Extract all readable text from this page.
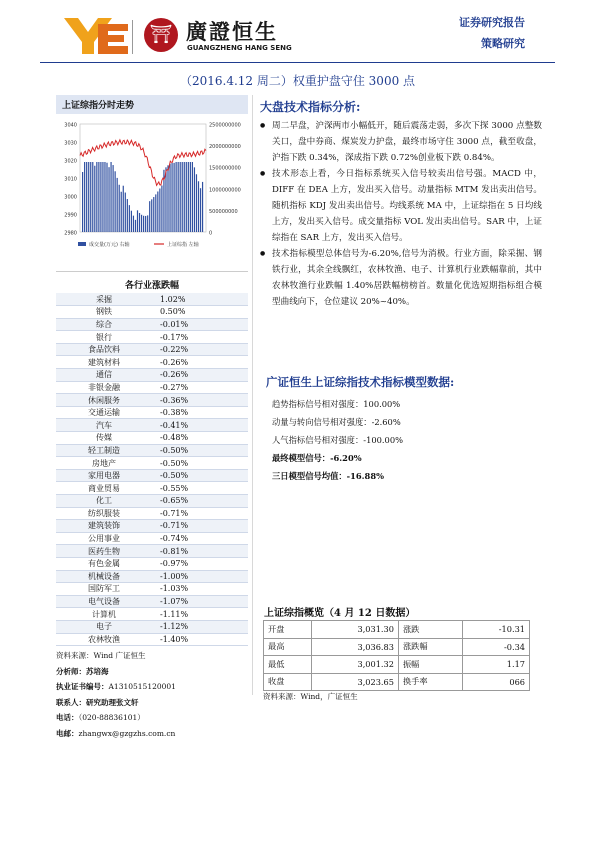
⛩ 廣證恒生
GUANGZHENG HANG SENG
证券研究报告
策略研究
（2016.4.12 周二）权重护盘守住 3000 点
上证综指分时走势
3040
3030
3020
3010
3000
2990
2980
2500000000
2000000000
1500000000
1000000000
500000000
0
成交量(万元) 右轴	上证综指 左轴
各行业涨跌幅
采掘	1.02%
钢铁	0.50%
综合	-0.01%
银行	-0.17%
食品饮料	-0.22%
建筑材料	-0.26%
通信	-0.26%
非银金融	-0.27%
休闲服务	-0.36%
交通运输	-0.38%
汽车	-0.41%
传媒	-0.48%
轻工制造	-0.50%
房地产	-0.50%
家用电器	-0.50%
商业贸易	-0.55%
化工	-0.65%
纺织服装	-0.71%
建筑装饰	-0.71%
公用事业	-0.74%
医药生物	-0.81%
有色金属	-0.97%
机械设备	-1.00%
国防军工	-1.03%
电气设备	-1.07%
计算机	-1.11%
电子	-1.12%
农林牧渔	-1.40%
资料来源：Wind 广证恒生
分析师：苏培海
执业证书编号：A1310515120001
联系人：研究助理张文轩
电话：（020-88836101）
电邮：zhangwx@gzgzhs.com.cn
大盘技术指标分析:
● 周二早盘，沪深两市小幅低开，随后震荡走弱，多次下探 3000 点整数关口，盘中券商、煤炭发力护盘，最终市场守住 3000 点，截至收盘，沪指下跌 0.34%，深成指下跌 0.72%创业板下跌 0.84%。
● 技术形态上看，今日指标系统买入信号较卖出信号强。MACD 中，DIFF 在 DEA 上方，发出买入信号。动量指标 MTM 发出卖出信号。随机指标 KDJ 发出卖出信号。均线系统 MA 中，上证综指在 5 日均线上方，发出买入信号。成交量指标 VOL 发出卖出信号。SAR 中，上证综指在 SAR 上方，发出买入信号。
● 技术指标模型总体信号为-6.20%,信号为消极。行业方面，除采掘、钢铁行业，其余全线飘红，农林牧渔、电子、计算机行业跌幅靠前，其中农林牧渔行业跌幅 1.40%居跌幅榜榜首。数量化优选短期指标组合模型曲线向下，仓位建议 20%~40%。
广证恒生上证综指技术指标模型数据:
趋势指标信号相对强度：100.00%
动量与转向信号相对强度：-2.60%
人气指标信号相对强度：-100.00%
最终模型信号：-6.20%
三日模型信号均值：-16.88%
上证综指概览（4 月 12 日数据）
开盘	3,031.30	涨跌	-10.31
最高	3,036.83	涨跌幅	-0.34
最低	3,001.32	振幅	1.17
收盘	3,023.65	换手率	066
资料来源：Wind，广证恒生
